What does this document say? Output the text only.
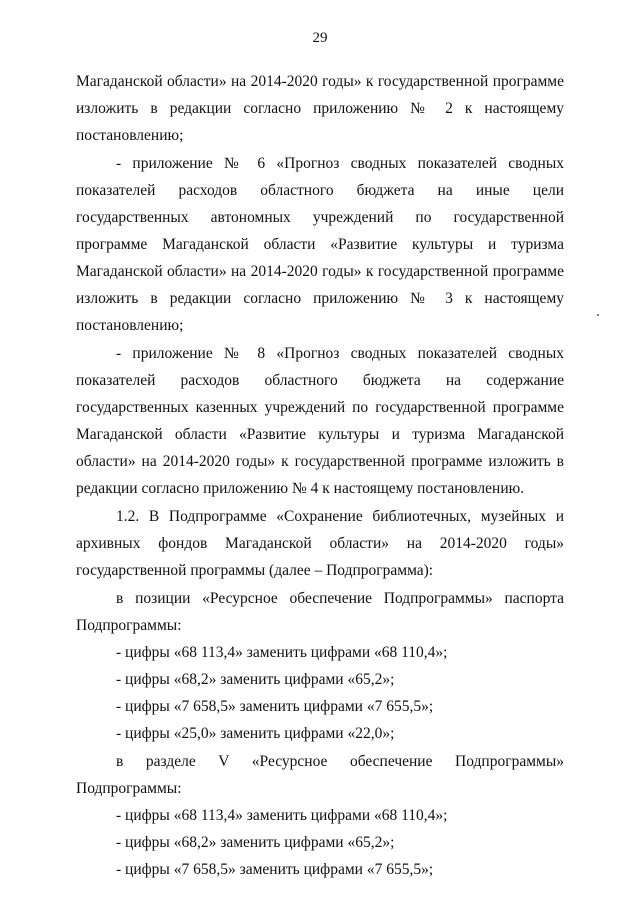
29

Магаданской области» на 2014-2020 годы» к государственной программе изложить в редакции согласно приложению № 2 к настоящему постановлению;

- приложение № 6 «Прогноз сводных показателей сводных показателей расходов областного бюджета на иные цели государственных автономных учреждений по государственной программе Магаданской области «Развитие культуры и туризма Магаданской области» на 2014-2020 годы» к государственной программе изложить в редакции согласно приложению № 3 к настоящему постановлению;

- приложение № 8 «Прогноз сводных показателей сводных показателей расходов областного бюджета на содержание государственных казенных учреждений по государственной программе Магаданской области «Развитие культуры и туризма Магаданской области» на 2014-2020 годы» к государственной программе изложить в редакции согласно приложению № 4 к настоящему постановлению.

1.2. В Подпрограмме «Сохранение библиотечных, музейных и архивных фондов Магаданской области» на 2014-2020 годы» государственной программы (далее – Подпрограмма):

в позиции «Ресурсное обеспечение Подпрограммы» паспорта Подпрограммы:

- цифры «68 113,4» заменить цифрами «68 110,4»;

- цифры «68,2» заменить цифрами «65,2»;

- цифры «7 658,5» заменить цифрами «7 655,5»;

- цифры «25,0» заменить цифрами «22,0»;

в разделе V «Ресурсное обеспечение Подпрограммы» Подпрограммы:

- цифры «68 113,4» заменить цифрами «68 110,4»;

- цифры «68,2» заменить цифрами «65,2»;

- цифры «7 658,5» заменить цифрами «7 655,5»;
